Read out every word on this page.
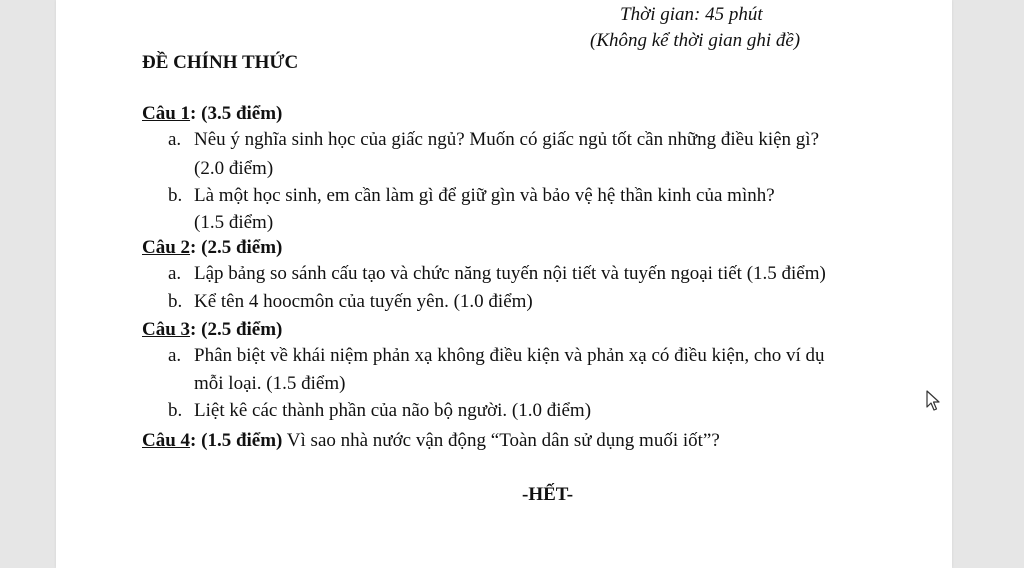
Thời gian: 45 phút
(Không kể thời gian ghi đề)
ĐỀ CHÍNH THỨC
Câu 1: (3.5 điểm)
a. Nêu ý nghĩa sinh học của giấc ngủ? Muốn có giấc ngủ tốt cần những điều kiện gì?
(2.0 điểm)
b. Là một học sinh, em cần làm gì để giữ gìn và bảo vệ hệ thần kinh của mình?
(1.5 điểm)
Câu 2: (2.5 điểm)
a. Lập bảng so sánh cấu tạo và chức năng tuyến nội tiết và tuyến ngoại tiết (1.5 điểm)
b. Kể tên 4 hoocmôn của tuyến yên. (1.0 điểm)
Câu 3: (2.5 điểm)
a. Phân biệt về khái niệm phản xạ không điều kiện và phản xạ có điều kiện, cho ví dụ
mỗi loại. (1.5 điểm)
b. Liệt kê các thành phần của não bộ người. (1.0 điểm)
Câu 4: (1.5 điểm) Vì sao nhà nước vận động “Toàn dân sử dụng muối iốt”?
-HẾT-
